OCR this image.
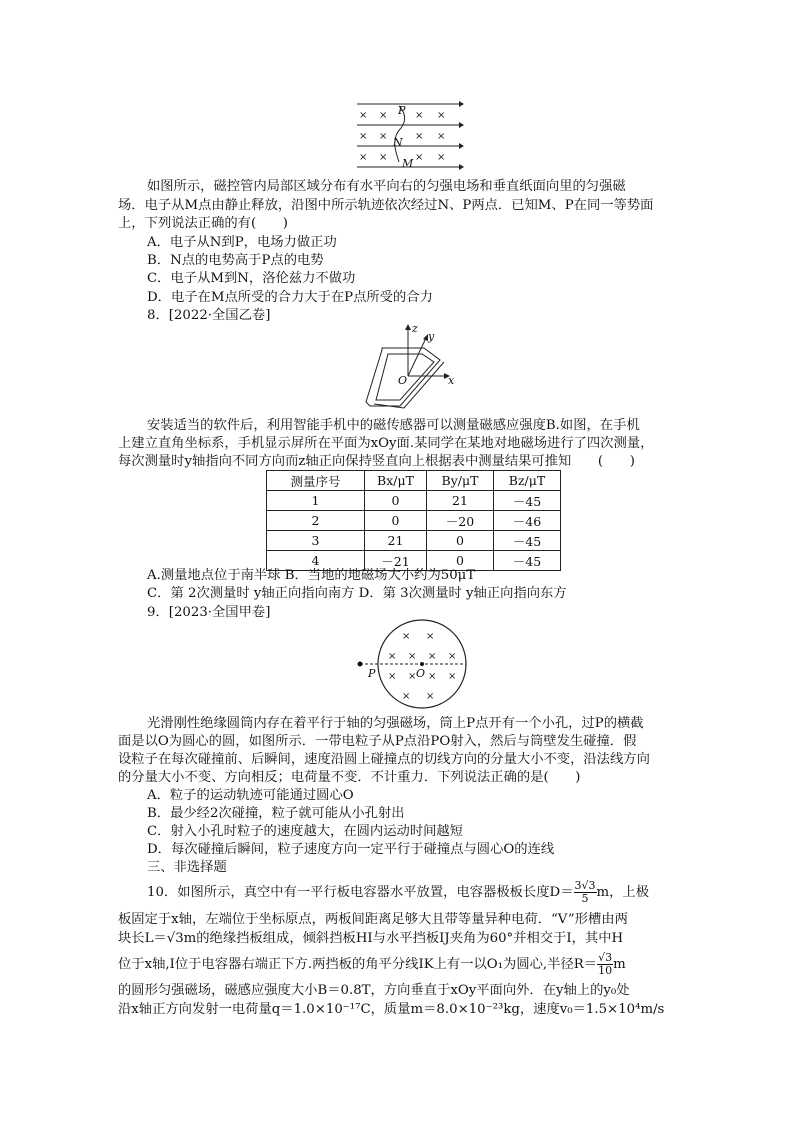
× ×	× ×
× ×	× ×
× ×	× ×
P
N
M
如图所示，磁控管内局部区域分布有水平向右的匀强电场和垂直纸面向里的匀强磁
场．电子从M点由静止释放，沿图中所示轨迹依次经过N、P两点．已知M、P在同一等势面
上，下列说法正确的有(　　)
A．电子从N到P，电场力做正功
B．N点的电势高于P点的电势
C．电子从M到N，洛伦兹力不做功
D．电子在M点所受的合力大于在P点所受的合力
8．[2022·全国乙卷]
z
y
x
O
安装适当的软件后，利用智能手机中的磁传感器可以测量磁感应强度B.如图，在手机
上建立直角坐标系，手机显示屏所在平面为xOy面.某同学在某地对地磁场进行了四次测量，
每次测量时y轴指向不同方向而z轴正向保持竖直向上根据表中测量结果可推知　　(　　)
测量序号	Bx/μT	By/μT	Bz/μT
1	0	21	－45
2	0	－20	－46
3	21	0	－45
4	－21	0	－45
A.测量地点位于南半球 B．当地的地磁场大小约为50μT
C．第 2次测量时 y轴正向指向南方 D．第 3次测量时 y轴正向指向东方
9．[2023·全国甲卷]
× ×
× × × ×
× × × ×
× ×
P	O
光滑刚性绝缘圆筒内存在着平行于轴的匀强磁场，筒上P点开有一个小孔，过P的横截
面是以O为圆心的圆，如图所示．一带电粒子从P点沿PO射入，然后与筒壁发生碰撞．假
设粒子在每次碰撞前、后瞬间，速度沿圆上碰撞点的切线方向的分量大小不变，沿法线方向
的分量大小不变、方向相反；电荷量不变．不计重力．下列说法正确的是(　　)
A．粒子的运动轨迹可能通过圆心O
B．最少经2次碰撞，粒子就可能从小孔射出
C．射入小孔时粒子的速度越大，在圆内运动时间越短
D．每次碰撞后瞬间，粒子速度方向一定平行于碰撞点与圆心O的连线
三、非选择题
10．如图所示，真空中有一平行板电容器水平放置，电容器极板长度$D= \frac{3√3}{5}$ m，上极
板固定于x轴，左端位于坐标原点，两板间距离足够大且带等量异种电荷．“V”形槽由两
块长L＝√3m的绝缘挡板组成，倾斜挡板HI与水平挡板IJ夹角为60°并相交于I，其中H
位于x轴,I位于电容器右端正下方.两挡板的角平分线IK上有一以O₁为圆心,半径$R= \frac{√3}{10}$ m
的圆形匀强磁场，磁感应强度大小B＝0.8T，方向垂直于xOy平面向外．在y轴上的y₀处
沿x轴正方向发射一电荷量q＝1.0×10⁻¹⁷C，质量m＝8.0×10⁻²³kg，速度v₀＝1.5×10⁴m/s
